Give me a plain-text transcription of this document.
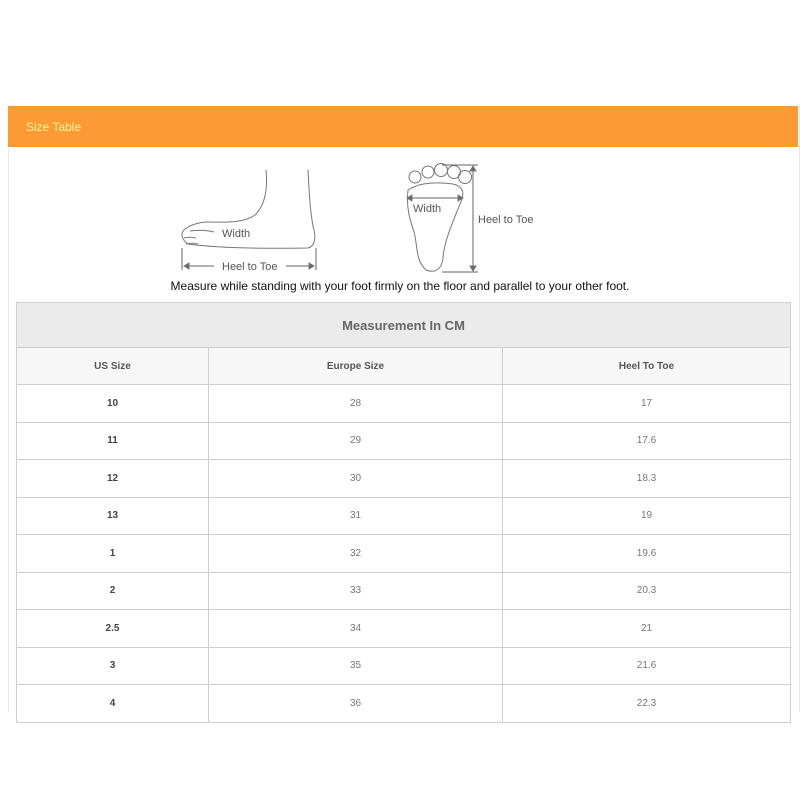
Size Table
Width
Heel to Toe
Width
Heel to Toe
Measure while standing with your foot firmly on the floor and parallel to your other foot.
Measurement In CM		
US Size	Europe Size	Heel To Toe
10	28	17
11	29	17.6
12	30	18.3
13	31	19
1	32	19.6
2	33	20.3
2.5	34	21
3	35	21.6
4	36	22.3
